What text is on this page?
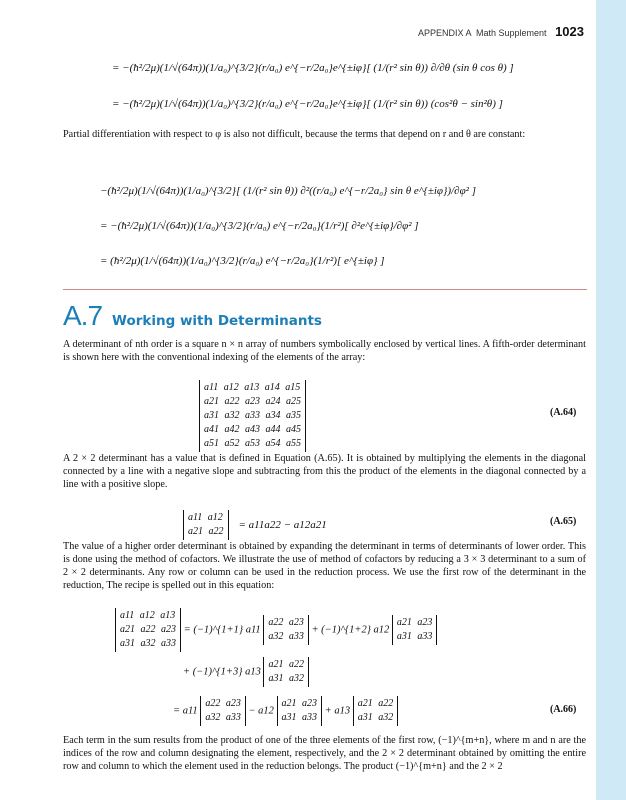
APPENDIX A Math Supplement 1023
= −(ħ²/2μ)(1/√(64π))(1/a₀)^{3/2}(r/a₀) e^{−r/2a₀}e^{±iφ}[ (1/(r² sin θ)) ∂/∂θ (sin θ cos θ) ]
= −(ħ²/2μ)(1/√(64π))(1/a₀)^{3/2}(r/a₀) e^{−r/2a₀}e^{±iφ}[ (1/(r² sin θ)) (cos²θ − sin²θ) ]
Partial differentiation with respect to φ is also not difficult, because the terms that depend on r and θ are constant:
−(ħ²/2μ)(1/√(64π))(1/a₀)^{3/2}[ (1/(r² sin θ)) ∂²((r/a₀) e^{−r/2a₀} sin θ e^{±iφ})/∂φ² ]
= −(ħ²/2μ)(1/√(64π))(1/a₀)^{3/2}(r/a₀) e^{−r/2a₀}(1/r²)[ ∂²e^{±iφ}/∂φ² ]
= (ħ²/2μ)(1/√(64π))(1/a₀)^{3/2}(r/a₀) e^{−r/2a₀}(1/r²)[ e^{±iφ} ]
A.7 Working with Determinants
A determinant of nth order is a square n × n array of numbers symbolically enclosed by vertical lines. A fifth-order determinant is shown here with the conventional indexing of the elements of the array:
a11 a12 a13 a14 a15
a21 a22 a23 a24 a25
a31 a32 a33 a34 a35
a41 a42 a43 a44 a45
a51 a52 a53 a54 a55
(A.64)
A 2 × 2 determinant has a value that is defined in Equation (A.65). It is obtained by multiplying the elements in the diagonal connected by a line with a negative slope and subtracting from this the product of the elements in the diagonal connected by a line with a positive slope.
a11 a12
a21 a22
= a11a22 − a12a21	(A.65)
The value of a higher order determinant is obtained by expanding the determinant in terms of determinants of lower order. This is done using the method of cofactors. We illustrate the use of method of cofactors by reducing a 3 × 3 determinant to a sum of 2 × 2 determinants. Any row or column can be used in the reduction process. We use the first row of the determinant in the reduction, The recipe is spelled out in this equation:
a11 a12 a13
a21 a22 a23
a31 a32 a33
= (−1)^{1+1} a11
a22 a23
a32 a33
+ (−1)^{1+2} a12
a21 a23
a31 a33
+ (−1)^{1+3} a13
a21 a22
a31 a32
= a11
a22 a23
a32 a33
− a12
a21 a23
a31 a33
+ a13
a21 a22
a31 a32
(A.66)
Each term in the sum results from the product of one of the three elements of the first row, (−1)^{m+n}, where m and n are the indices of the row and column designating the element, respectively, and the 2 × 2 determinant obtained by omitting the entire row and column to which the element used in the reduction belongs. The product (−1)^{m+n} and the 2 × 2
